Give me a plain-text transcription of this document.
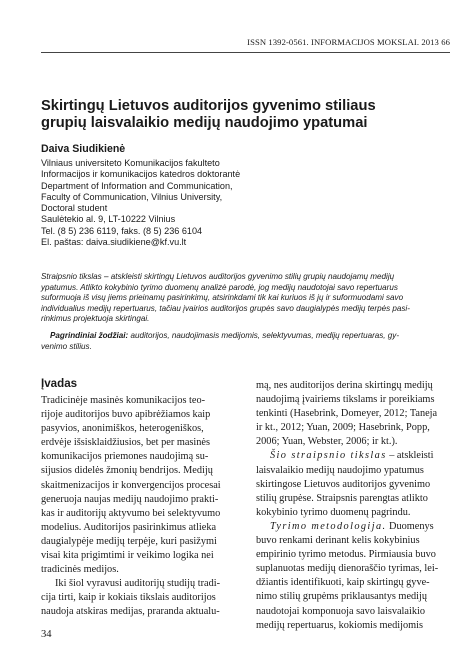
ISSN 1392-0561. INFORMACIJOS MOKSLAI. 2013 66
Skirtingų Lietuvos auditorijos gyvenimo stiliaus
grupių laisvalaikio medijų naudojimo ypatumai
Daiva Siudikienė
Vilniaus universiteto Komunikacijos fakulteto
Informacijos ir komunikacijos katedros doktorantė
Department of Information and Communication,
Faculty of Communication, Vilnius University,
Doctoral student
Saulėtekio al. 9, LT-10222 Vilnius
Tel. (8 5) 236 6119, faks. (8 5) 236 6104
El. paštas: daiva.siudikiene@kf.vu.lt
Straipsnio tikslas – atskleisti skirtingų Lietuvos auditorijos gyvenimo stilių grupių naudojamų medijų
ypatumus. Atlikto kokybinio tyrimo duomenų analizė parodė, jog medijų naudotojai savo repertuarus
suformuoja iš visų jiems prieinamų pasirinkimų, atsirinkdami tik kai kuriuos iš jų ir suformuodami savo
individualius medijų repertuarus, tačiau įvairios auditorijos grupės savo daugialypės medijų terpės pasi-
rinkimus projektuoja skirtingai.
Pagrindiniai žodžiai: auditorijos, naudojimasis medijomis, selektyvumas, medijų repertuaras, gy-
venimo stilius.
Įvadas
Tradicinėje masinės komunikacijos teo-
rijoje auditorijos buvo apibrėžiamos kaip
pasyvios, anonimiškos, heterogeniškos,
erdvėje išsisklaidžiusios, bet per masinės
komunikacijos priemones naudojimą su-
sijusios didelės žmonių bendrijos. Medijų
skaitmenizacijos ir konvergencijos procesai
generuoja naujas medijų naudojimo prakti-
kas ir auditorijų aktyvumo bei selektyvumo
modelius. Auditorijos pasirinkimus atlieka
daugialypėje medijų terpėje, kuri pasižymi
visai kita prigimtimi ir veikimo logika nei
tradicinės medijos.
Iki šiol vyravusi auditorijų studijų tradi-
cija tirti, kaip ir kokiais tikslais auditorijos
naudoja atskiras medijas, praranda aktualu-
mą, nes auditorijos derina skirtingų medijų
naudojimą įvairiems tikslams ir poreikiams
tenkinti (Hasebrink, Domeyer, 2012; Taneja
ir kt., 2012; Yuan, 2009; Hasebrink, Popp,
2006; Yuan, Webster, 2006; ir kt.).
Šio straipsnio tikslas – atskleisti
laisvalaikio medijų naudojimo ypatumus
skirtingose Lietuvos auditorijos gyvenimo
stilių grupėse. Straipsnis parengtas atlikto
kokybinio tyrimo duomenų pagrindu.
Tyrimo metodologija. Duomenys
buvo renkami derinant kelis kokybinius
empirinio tyrimo metodus. Pirmiausia buvo
suplanuotas medijų dienoraščio tyrimas, lei-
džiantis identifikuoti, kaip skirtingų gyve-
nimo stilių grupėms priklausantys medijų
naudotojai komponuoja savo laisvalaikio
medijų repertuarus, kokiomis medijomis
34
